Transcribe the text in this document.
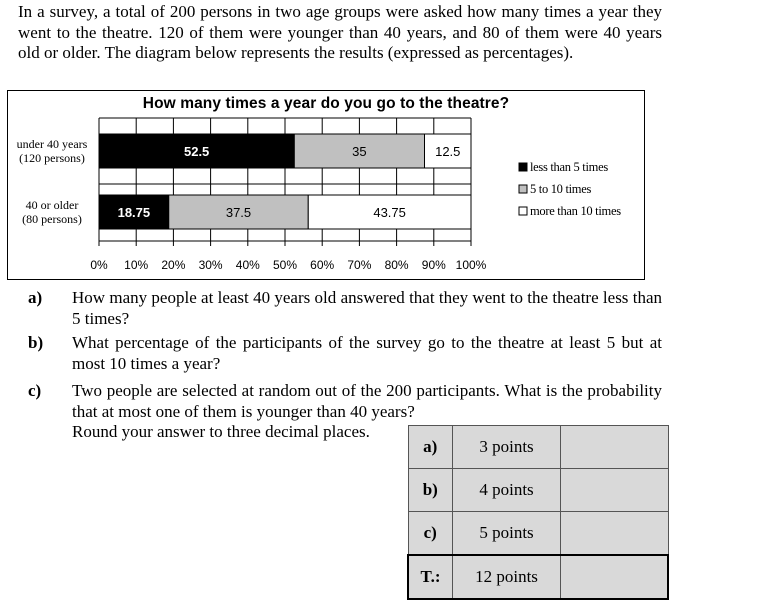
In a survey, a total of 200 persons in two age groups were asked how many times a year they went to the theatre. 120 of them were younger than 40 years, and 80 of them were 40 years old or older. The diagram below represents the results (expressed as percentages).
How many times a year do you go to the theatre?
52.5	35	12.5
under 40 years
(120 persons)
18.75	37.5	43.75
40 or older
(80 persons)
0% 10% 20% 30% 40% 50% 60% 70% 80% 90% 100%
less than 5 times
5 to 10 times
more than 10 times
a) How many people at least 40 years old answered that they went to the theatre less than 5 times?
b) What percentage of the participants of the survey go to the theatre at least 5 but at most 10 times a year?
c) Two people are selected at random out of the 200 participants. What is the probability that at most one of them is younger than 40 years?
Round your answer to three decimal places.
a)	3 points	
b)	4 points	
c)	5 points	
T.:	12 points	
